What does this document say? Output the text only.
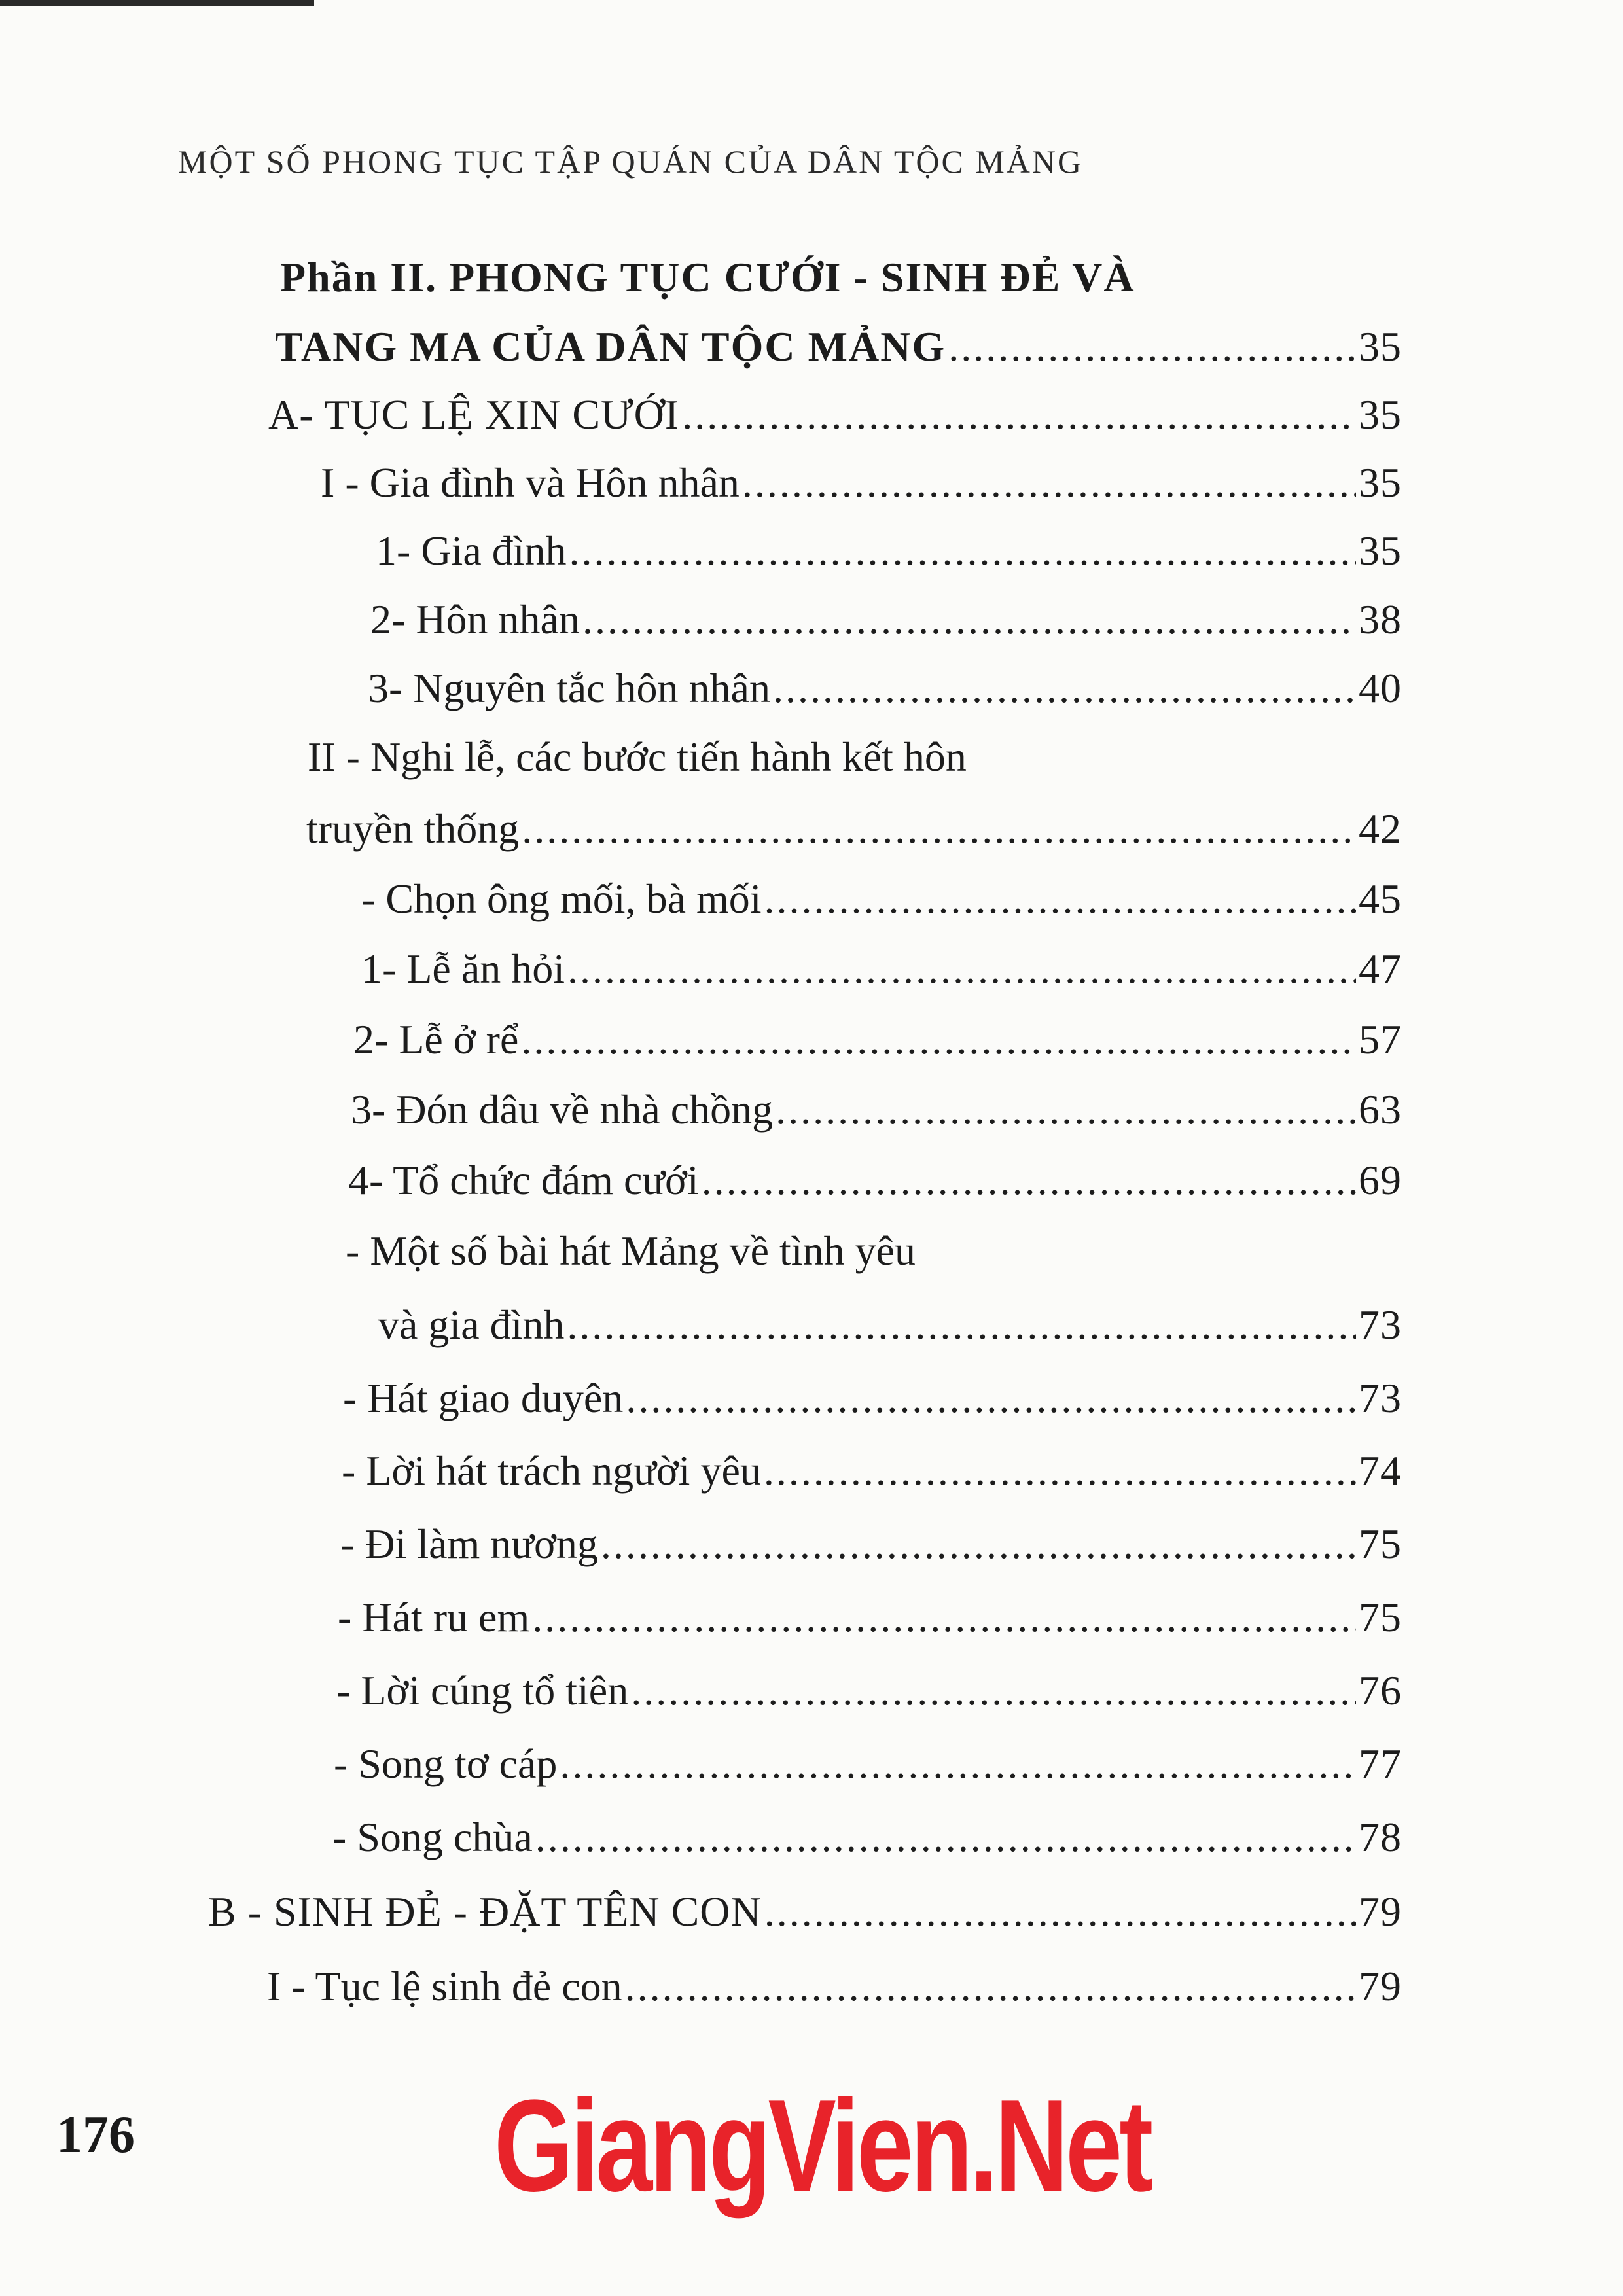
MỘT SỐ PHONG TỤC TẬP QUÁN CỦA DÂN TỘC MẢNG
Phần II. PHONG TỤC CƯỚI - SINH ĐẺ VÀ
TANG MA CỦA DÂN TỘC MẢNG .....	35
A- TỤC LỆ XIN CƯỚI .....	35
I - Gia đình và Hôn nhân .....	35
1- Gia đình .....	35
2- Hôn nhân .....	38
3- Nguyên tắc hôn nhân .....	40
II - Nghi lễ, các bước tiến hành kết hôn
truyền thống .....	42
- Chọn ông mối, bà mối .....	45
1- Lễ ăn hỏi .....	47
2- Lễ ở rể .....	57
3- Đón dâu về nhà chồng .....	63
4- Tổ chức đám cưới .....	69
- Một số bài hát Mảng về tình yêu
và gia đình .....	73
- Hát giao duyên .....	73
- Lời hát trách người yêu .....	74
- Đi làm nương .....	75
- Hát ru em .....	75
- Lời cúng tổ tiên .....	76
- Song tơ cáp .....	77
- Song chùa .....	78
B - SINH ĐẺ - ĐẶT TÊN CON .....	79
I - Tục lệ sinh đẻ con .....	79
176	GiangVien.Net
